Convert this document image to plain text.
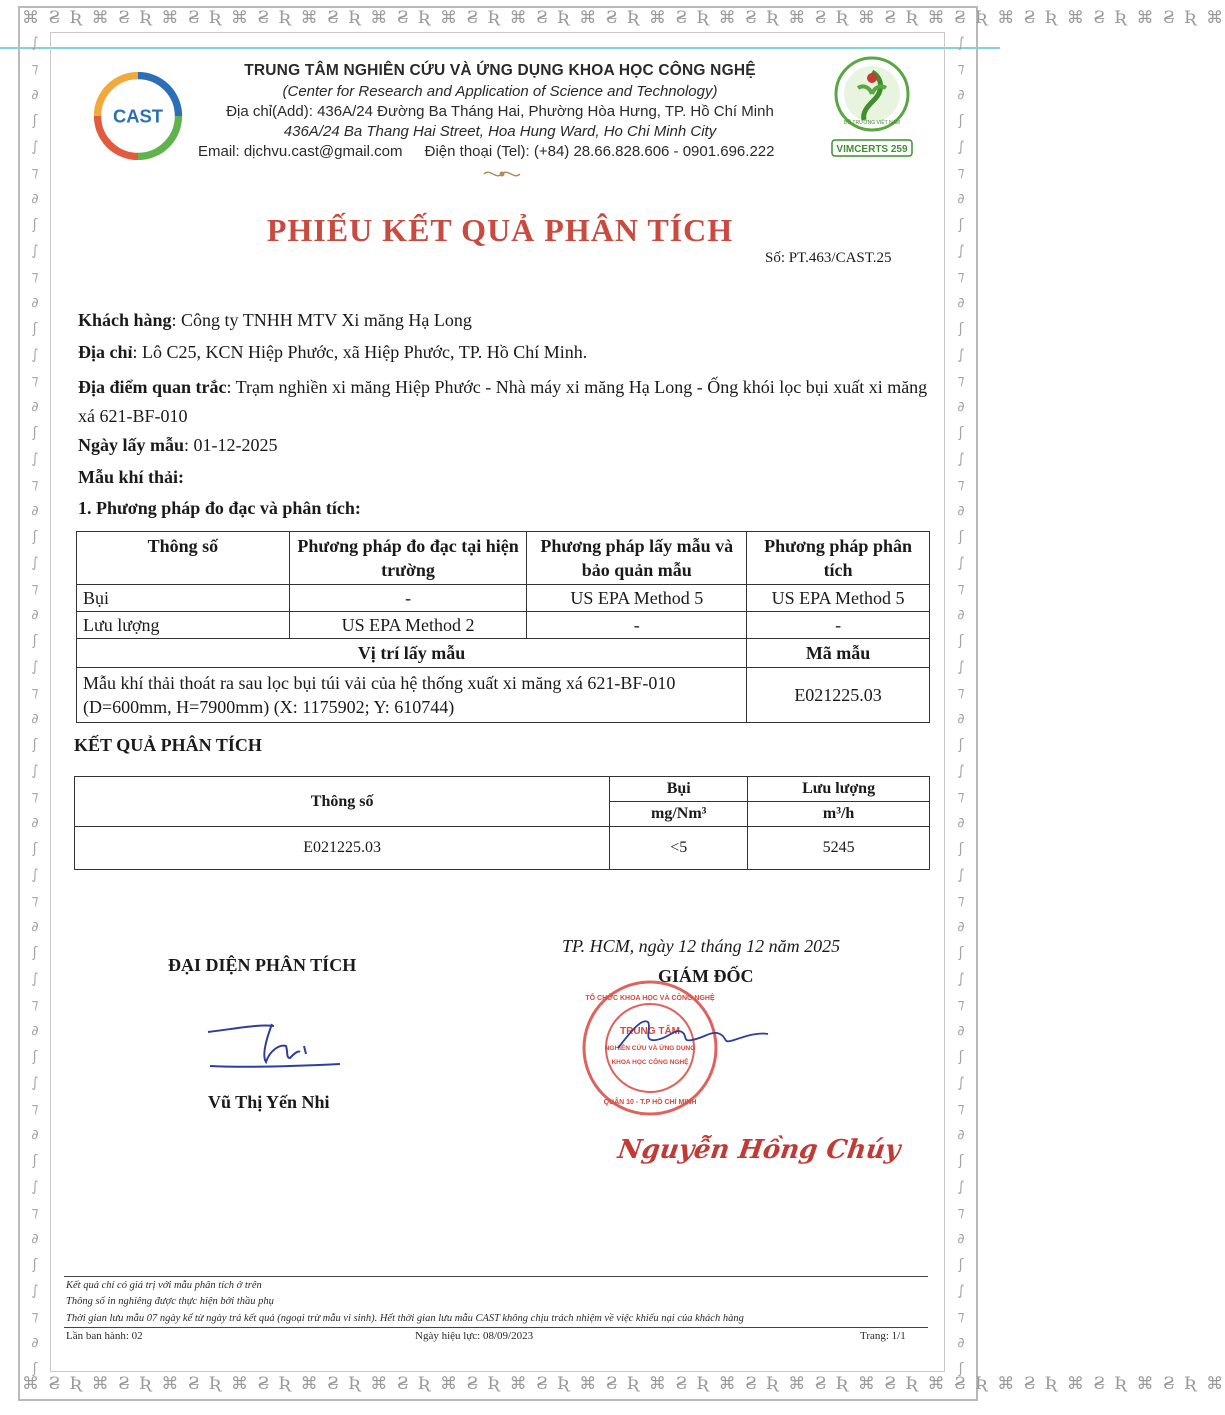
⌘ Ƨ̶ Ʀ ⌘ Ƨ̶ Ʀ ⌘ Ƨ̶ Ʀ ⌘ Ƨ̶ Ʀ ⌘ Ƨ̶ Ʀ ⌘ Ƨ̶ Ʀ ⌘ Ƨ̶ Ʀ ⌘ Ƨ̶ Ʀ ⌘ Ƨ̶ Ʀ ⌘ Ƨ̶ Ʀ ⌘ Ƨ̶ Ʀ ⌘ Ƨ̶ Ʀ ⌘ Ƨ̶ Ʀ ⌘ Ƨ̶ Ʀ ⌘ Ƨ̶ Ʀ ⌘ Ƨ̶ Ʀ ⌘ Ƨ̶ Ʀ ⌘
⌘ Ƨ̶ Ʀ ⌘ Ƨ̶ Ʀ ⌘ Ƨ̶ Ʀ ⌘ Ƨ̶ Ʀ ⌘ Ƨ̶ Ʀ ⌘ Ƨ̶ Ʀ ⌘ Ƨ̶ Ʀ ⌘ Ƨ̶ Ʀ ⌘ Ƨ̶ Ʀ ⌘ Ƨ̶ Ʀ ⌘ Ƨ̶ Ʀ ⌘ Ƨ̶ Ʀ ⌘ Ƨ̶ Ʀ ⌘ Ƨ̶ Ʀ ⌘ Ƨ̶ Ʀ ⌘ Ƨ̶ Ʀ ⌘ Ƨ̶ Ʀ ⌘
∫
⁊
∂
ʃ
∫
⁊
∂
ʃ
∫
⁊
∂
ʃ
∫
⁊
∂
ʃ
∫
⁊
∂
ʃ
∫
⁊
∂
ʃ
∫
⁊
∂
ʃ
∫
⁊
∂
ʃ
∫
⁊
∂
ʃ
∫
⁊
∂
ʃ
∫
⁊
∂
ʃ
∫
⁊
∂
ʃ
∫
⁊
∂
ʃ
∫
⁊
∂
ʃ
∫
⁊
∂
ʃ
∫
⁊
∂
ʃ
∫
⁊
∂
ʃ
∫
⁊
∂
ʃ
∫
⁊
∂
ʃ
∫
⁊
∂
ʃ
∫
⁊
∂
ʃ
∫
⁊
∂
ʃ
∫
⁊
∂
ʃ
∫
⁊
∂
ʃ
∫
⁊
∂
ʃ
∫
⁊
∂
ʃ
CAST	BỘ TRƯỜNG VIỆT NAM
VIMCERTS 259
TRUNG TÂM NGHIÊN CỨU VÀ ỨNG DỤNG KHOA HỌC CÔNG NGHỆ
(Center for Research and Application of Science and Technology)
Địa chỉ(Add): 436A/24 Đường Ba Tháng Hai, Phường Hòa Hưng, TP. Hồ Chí Minh
436A/24 Ba Thang Hai Street, Hoa Hung Ward, Ho Chi Minh City
Email: dịchvu.cast@gmail.com Điện thoại (Tel): (+84) 28.66.828.606 - 0901.696.222
PHIẾU KẾT QUẢ PHÂN TÍCH
Số: PT.463/CAST.25
Khách hàng: Công ty TNHH MTV Xi măng Hạ Long
Địa chỉ: Lô C25, KCN Hiệp Phước, xã Hiệp Phước, TP. Hồ Chí Minh.
Địa điểm quan trắc: Trạm nghiền xi măng Hiệp Phước - Nhà máy xi măng Hạ Long - Ống khói lọc bụi xuất xi măng xá 621-BF-010
Ngày lấy mẫu: 01-12-2025
Mẫu khí thải:
1. Phương pháp đo đạc và phân tích:
Thông số	Phương pháp đo đạc tại hiện trường	Phương pháp lấy mẫu và bảo quản mẫu	Phương pháp phân tích
Bụi	-	US EPA Method 5	US EPA Method 5
Lưu lượng	US EPA Method 2	-	-
Vị trí lấy mẫu			Mã mẫu
Mẫu khí thải thoát ra sau lọc bụi túi vải của hệ thống xuất xi măng xá 621-BF-010 (D=600mm, H=7900mm) (X: 1175902; Y: 610744)			E021225.03
KẾT QUẢ PHÂN TÍCH
Thông số	Bụi	Lưu lượng
	mg/Nm³	m³/h
E021225.03	<5	5245
TP. HCM, ngày 12 tháng 12 năm 2025
ĐẠI DIỆN PHÂN TÍCH
Vũ Thị Yến Nhi
TRUNG TÂM
NGHIÊN CỨU VÀ ỨNG DỤNG
KHOA HỌC CÔNG NGHỆ
TỔ CHỨC KHOA HỌC VÀ CÔNG NGHỆ
QUẬN 10 - T.P HỒ CHÍ MINH
GIÁM ĐỐC
Nguyễn Hồng Chúy
Kết quả chỉ có giá trị với mẫu phân tích ở trên
Thông số in nghiêng được thực hiện bởi thầu phụ
Thời gian lưu mẫu 07 ngày kể từ ngày trả kết quả (ngoại trừ mẫu vi sinh). Hết thời gian lưu mẫu CAST không chịu trách nhiệm về việc khiếu nại của khách hàng
Lần ban hành: 02	Ngày hiệu lực: 08/09/2023	Trang: 1/1
